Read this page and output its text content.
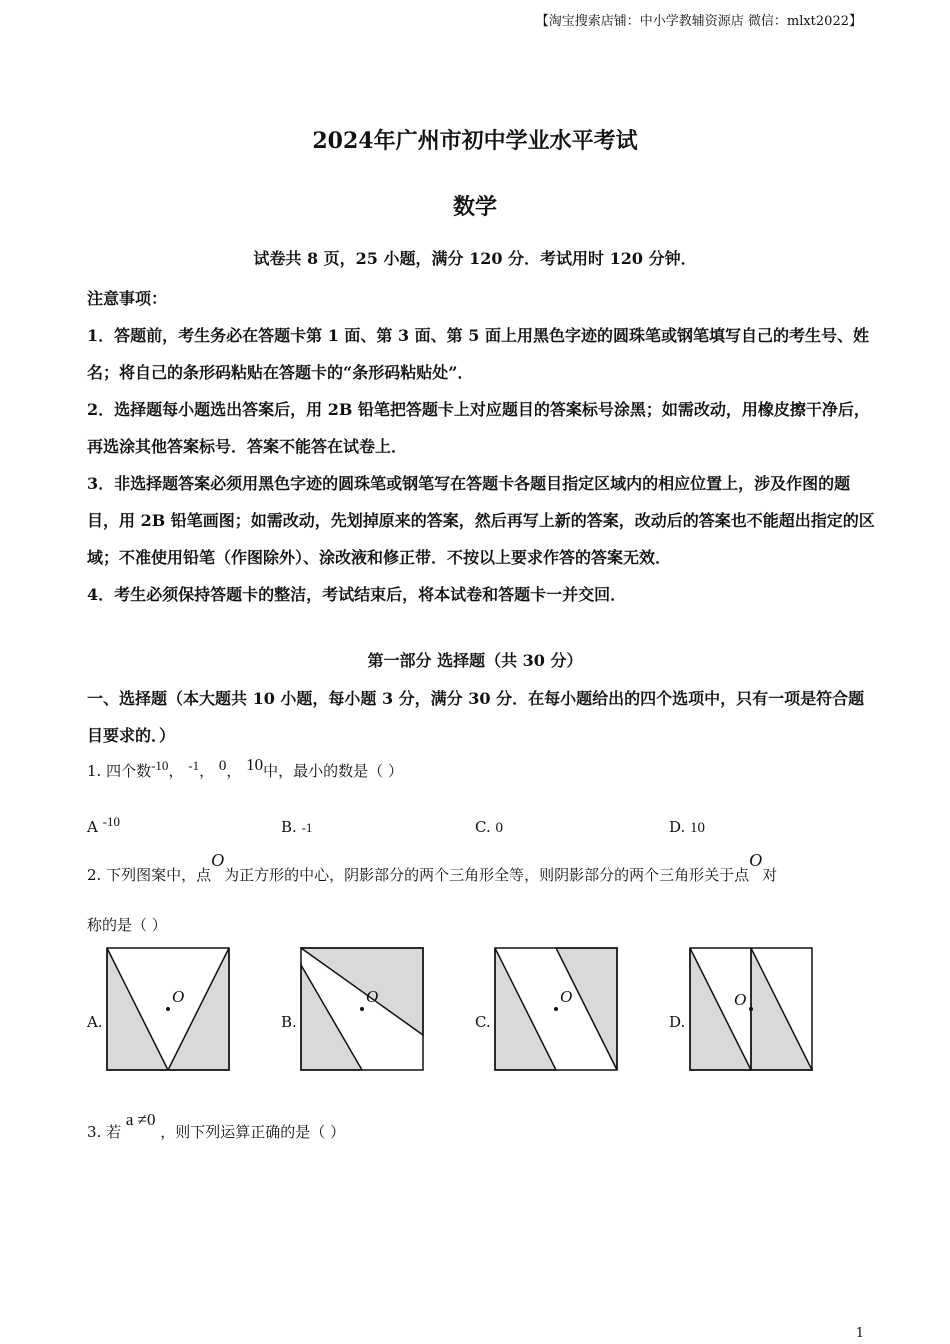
【淘宝搜索店铺：中小学教辅资源店 微信：mlxt2022】
2024年广州市初中学业水平考试
数学
试卷共 8 页，25 小题，满分 120 分．考试用时 120 分钟．

注意事项：

1．答题前，考生务必在答题卡第 1 面、第 3 面、第 5 面上用黑色字迹的圆珠笔或钢笔填写自己的考生号、姓名；将自己的条形码粘贴在答题卡的“条形码粘贴处”．

2．选择题每小题选出答案后，用 2B 铅笔把答题卡上对应题目的答案标号涂黑；如需改动，用橡皮擦干净后，再选涂其他答案标号．答案不能答在试卷上．

3．非选择题答案必须用黑色字迹的圆珠笔或钢笔写在答题卡各题目指定区域内的相应位置上，涉及作图的题目，用 2B 铅笔画图；如需改动，先划掉原来的答案，然后再写上新的答案，改动后的答案也不能超出指定的区域；不准使用铅笔（作图除外）、涂改液和修正带．不按以上要求作答的答案无效．

4．考生必须保持答题卡的整洁，考试结束后，将本试卷和答题卡一并交回．

第一部分 选择题（共 30 分）
一、选择题（本大题共 10 小题，每小题 3 分，满分 30 分．在每小题给出的四个选项中，只有一项是符合题目要求的．）
1. 四个数-10， -1， 0， 10中，最小的数是（ ）
A -10	B. -1	C. 0	D. 10
2. 下列图案中，点O为正方形的中心，阴影部分的两个三角形全等，则阴影部分的两个三角形关于点O对
称的是（ ）
A.
O
B.
O
C.
O
D.
O
3. 若 a ≠0 ，则下列运算正确的是（ ）
1
